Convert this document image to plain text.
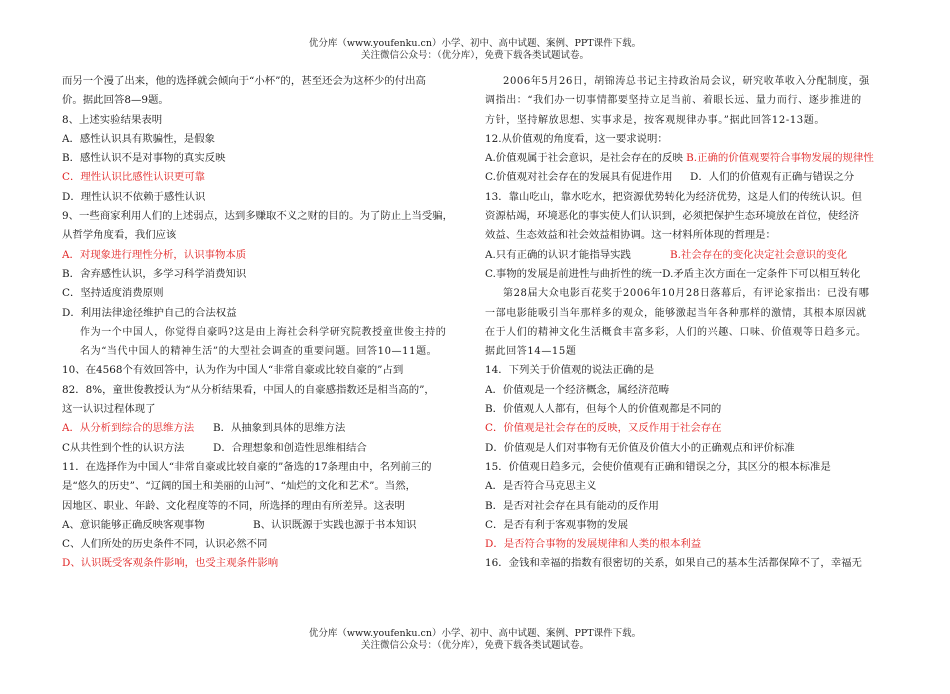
优分库（www.youfenku.cn）小学、初中、高中试题、案例、PPT课件下载。
关注微信公众号：（优分库），免费下载各类试题试卷。
而另一个漫了出来，他的选择就会倾向于“小杯”的，甚至还会为这杯少的付出高
价。据此回答8—9题。
8、上述实验结果表明
A．感性认识具有欺骗性，是假象
B．感性认识不是对事物的真实反映
C．理性认识比感性认识更可靠
D．理性认识不依赖于感性认识
9、一些商家利用人们的上述弱点，达到多赚取不义之财的目的。为了防止上当受骗，
从哲学角度看，我们应该
A．对现象进行理性分析，认识事物本质
B．舍弃感性认识，多学习科学消费知识
C．坚持适度消费原则
D．利用法律途径维护自己的合法权益
作为一个中国人，你觉得自豪吗?这是由上海社会科学研究院教授童世俊主持的
名为“当代中国人的精神生活”的大型社会调查的重要问题。回答10—11题。
10、在4568个有效回答中，认为作为中国人“非常自豪或比较自豪的”占到
82．8%，童世俊教授认为“从分析结果看，中国人的自豪感指数还是相当高的”，
这一认识过程体现了
A．从分析到综合的思维方法 B．从抽象到具体的思维方法
C从共性到个性的认识方法	D．合理想象和创造性思维相结合
11．在选择作为中国人“非常自豪或比较自豪的”备选的17条理由中，名列前三的
是“悠久的历史”、“辽阔的国土和美丽的山河”、“灿烂的文化和艺术”。当然，
因地区、职业、年龄、文化程度等的不同，所选择的理由有所差异。这表明
A、意识能够正确反映客观事物	B、认识既源于实践也源于书本知识
C、人们所处的历史条件不同，认识必然不同
D、认识既受客观条件影响，也受主观条件影响
2006年5月26日，胡锦涛总书记主持政治局会议，研究收革收入分配制度，强
调指出：“我们办一切事情都要坚持立足当前、着眼长远、量力而行、逐步推进的
方针，坚持解放思想、实事求是，按客观规律办事。”据此回答12-13题。
12.从价值观的角度看，这一要求说明：
A.价值观属于社会意识，是社会存在的反映 B.正确的价值观要符合事物发展的规律性
C.价值观对社会存在的发展具有促进作用 D．人们的价值观有正确与错误之分
13．靠山吃山，靠水吃水，把资源优势转化为经济优势，这是人们的传统认识。但
资源枯竭，环境恶化的事实使人们认识到，必须把保护生态环境放在首位，使经济
效益、生态效益和社会效益相协调。这一材料所体现的哲理是：
A.只有正确的认识才能指导实践	B.社会存在的变化决定社会意识的变化
C.事物的发展是前进性与曲折性的统一D.矛盾主次方面在一定条件下可以相互转化
第28届大众电影百花奖于2006年10月28日落幕后，有评论家指出：已没有哪
一部电影能吸引当年那样多的观众，能够激起当年各种那样的激情，其根本原因就
在于人们的精神文化生活概食丰富多彩，人们的兴趣、口味、价值观等日趋多元。
据此回答14—15题
14．下列关于价值观的说法正确的是
A．价值观是一个经济概念，属经济范畴
B．价值观人人都有，但每个人的价值观都是不同的
C．价值观是社会存在的反映，又反作用于社会存在
D．价值观是人们对事物有无价值及价值大小的正确观点和评价标准
15．价值观日趋多元，会使价值观有正确和错误之分，其区分的根本标准是
A．是否符合马克思主义
B．是否对社会存在具有能动的反作用
C．是否有利于客观事物的发展
D．是否符合事物的发展规律和人类的根本利益
16．金钱和幸福的指数有很密切的关系，如果自己的基本生活都保障不了，幸福无
优分库（www.youfenku.cn）小学、初中、高中试题、案例、PPT课件下载。
关注微信公众号：（优分库），免费下载各类试题试卷。
